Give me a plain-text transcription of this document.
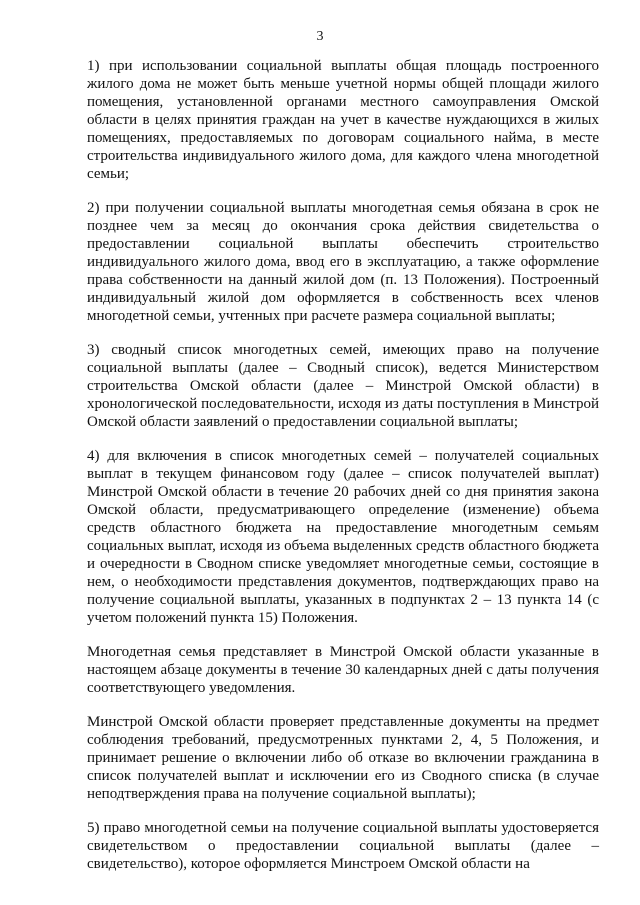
3

1) при использовании социальной выплаты общая площадь построенного жилого дома не может быть меньше учетной нормы общей площади жилого помещения, установленной органами местного самоуправления Омской области в целях принятия граждан на учет в качестве нуждающихся в жилых помещениях, предоставляемых по договорам социального найма, в месте строительства индивидуального жилого дома, для каждого члена многодетной семьи;

2) при получении социальной выплаты многодетная семья обязана в срок не позднее чем за месяц до окончания срока действия свидетельства о предоставлении социальной выплаты обеспечить строительство индивидуального жилого дома, ввод его в эксплуатацию, а также оформление права собственности на данный жилой дом (п. 13 Положения). Построенный индивидуальный жилой дом оформляется в собственность всех членов многодетной семьи, учтенных при расчете размера социальной выплаты;

3) сводный список многодетных семей, имеющих право на получение социальной выплаты (далее – Сводный список), ведется Министерством строительства Омской области (далее – Минстрой Омской области) в хронологической последовательности, исходя из даты поступления в Минстрой Омской области заявлений о предоставлении социальной выплаты;

4) для включения в список многодетных семей – получателей социальных выплат в текущем финансовом году (далее – список получателей выплат) Минстрой Омской области в течение 20 рабочих дней со дня принятия закона Омской области, предусматривающего определение (изменение) объема средств областного бюджета на предоставление многодетным семьям социальных выплат, исходя из объема выделенных средств областного бюджета и очередности в Сводном списке уведомляет многодетные семьи, состоящие в нем, о необходимости представления документов, подтверждающих право на получение социальной выплаты, указанных в подпунктах 2 – 13 пункта 14 (с учетом положений пункта 15) Положения.

Многодетная семья представляет в Минстрой Омской области указанные в настоящем абзаце документы в течение 30 календарных дней с даты получения соответствующего уведомления.

Минстрой Омской области проверяет представленные документы на предмет соблюдения требований, предусмотренных пунктами 2, 4, 5 Положения, и принимает решение о включении либо об отказе во включении гражданина в список получателей выплат и исключении его из Сводного списка (в случае неподтверждения права на получение социальной выплаты);

5) право многодетной семьи на получение социальной выплаты удостоверяется свидетельством о предоставлении социальной выплаты (далее – свидетельство), которое оформляется Минстроем Омской области на
